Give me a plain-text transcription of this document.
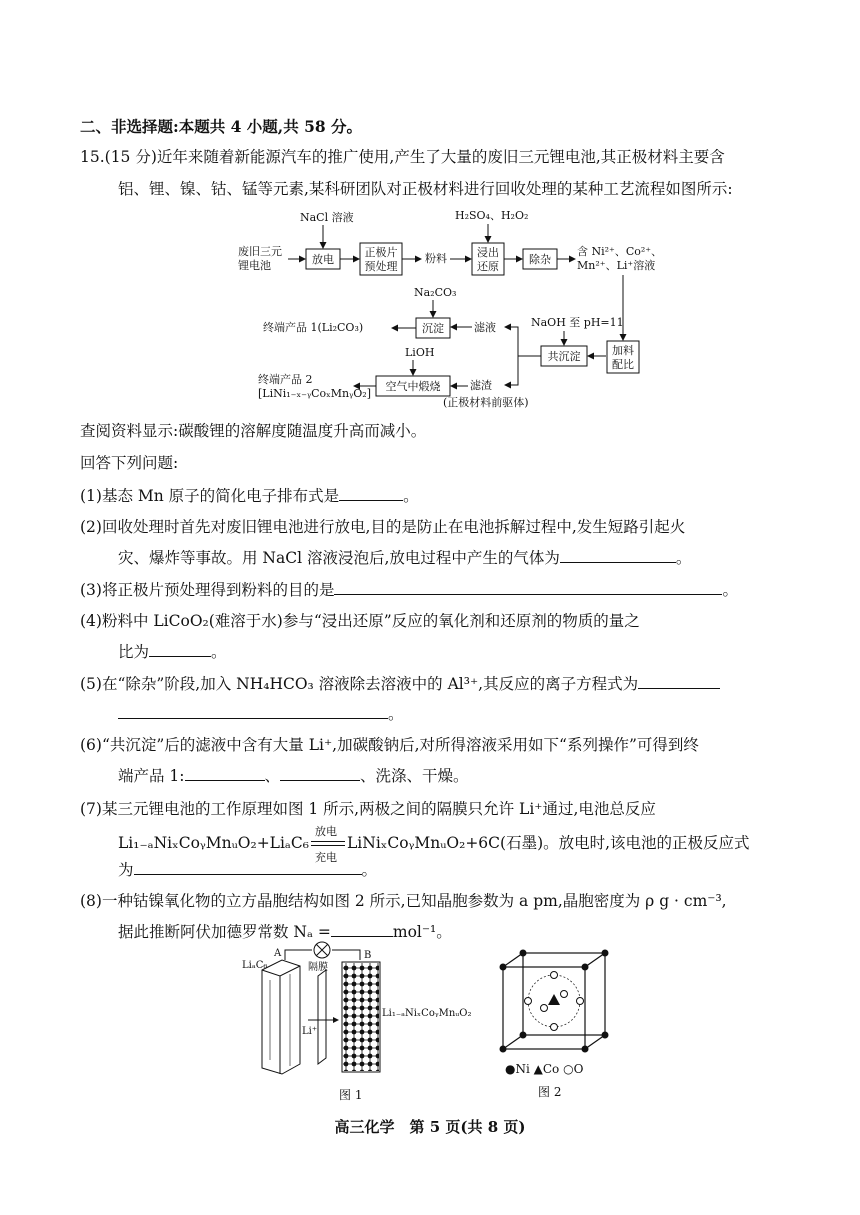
二、非选择题:本题共 4 小题,共 58 分。
15.(15 分)近年来随着新能源汽车的推广使用,产生了大量的废旧三元锂电池,其正极材料主要含
铝、锂、镍、钴、锰等元素,某科研团队对正极材料进行回收处理的某种工艺流程如图所示:
废旧三元
锂电池
NaCl 溶液	H₂SO₄、H₂O₂
粉料
含 Ni²⁺、Co²⁺、
Mn²⁺、Li⁺溶液
Na₂CO₃
终端产品 1(Li₂CO₃)	滤液	NaOH 至 pH=11
LiOH
终端产品 2
[LiNi₁₋ₓ₋ᵧCoₓMnᵧO₂]
滤渣
(正极材料前驱体)
放电
正极片
预处理
浸出
还原
除杂
加料
配比
共沉淀
沉淀
空气中煅烧
查阅资料显示:碳酸锂的溶解度随温度升高而减小。
回答下列问题:
(1)基态 Mn 原子的简化电子排布式是	。
(2)回收处理时首先对废旧锂电池进行放电,目的是防止在电池拆解过程中,发生短路引起火
灾、爆炸等事故。用 NaCl 溶液浸泡后,放电过程中产生的气体为	。
(3)将正极片预处理得到粉料的目的是	。
(4)粉料中 LiCoO₂(难溶于水)参与“浸出还原”反应的氧化剂和还原剂的物质的量之
比为	。
(5)在“除杂”阶段,加入 NH₄HCO₃ 溶液除去溶液中的 Al³⁺,其反应的离子方程式为
。
(6)“共沉淀”后的滤液中含有大量 Li⁺,加碳酸钠后,对所得溶液采用如下“系列操作”可得到终
端产品 1:	、	、洗涤、干燥。
(7)某三元锂电池的工作原理如图 1 所示,两极之间的隔膜只允许 Li⁺通过,电池总反应
Li₁₋ₐNiₓCoᵧMnᵤO₂+LiₐC₆
放电
充电
LiNiₓCoᵧMnᵤO₂+6C(石墨)。放电时,该电池的正极反应式
为	。
(8)一种钴镍氧化物的立方晶胞结构如图 2 所示,已知晶胞参数为 a pm,晶胞密度为 ρ g · cm⁻³,
据此推断阿伏加德罗常数 Nₐ =	mol⁻¹。
LiₐC₆
A
隔膜
B
Li⁺
Li₁₋ₐNiₓCoᵧMnᵤO₂
图 1
●Ni ▲Co ○O
图 2
高三化学　第 5 页(共 8 页)
